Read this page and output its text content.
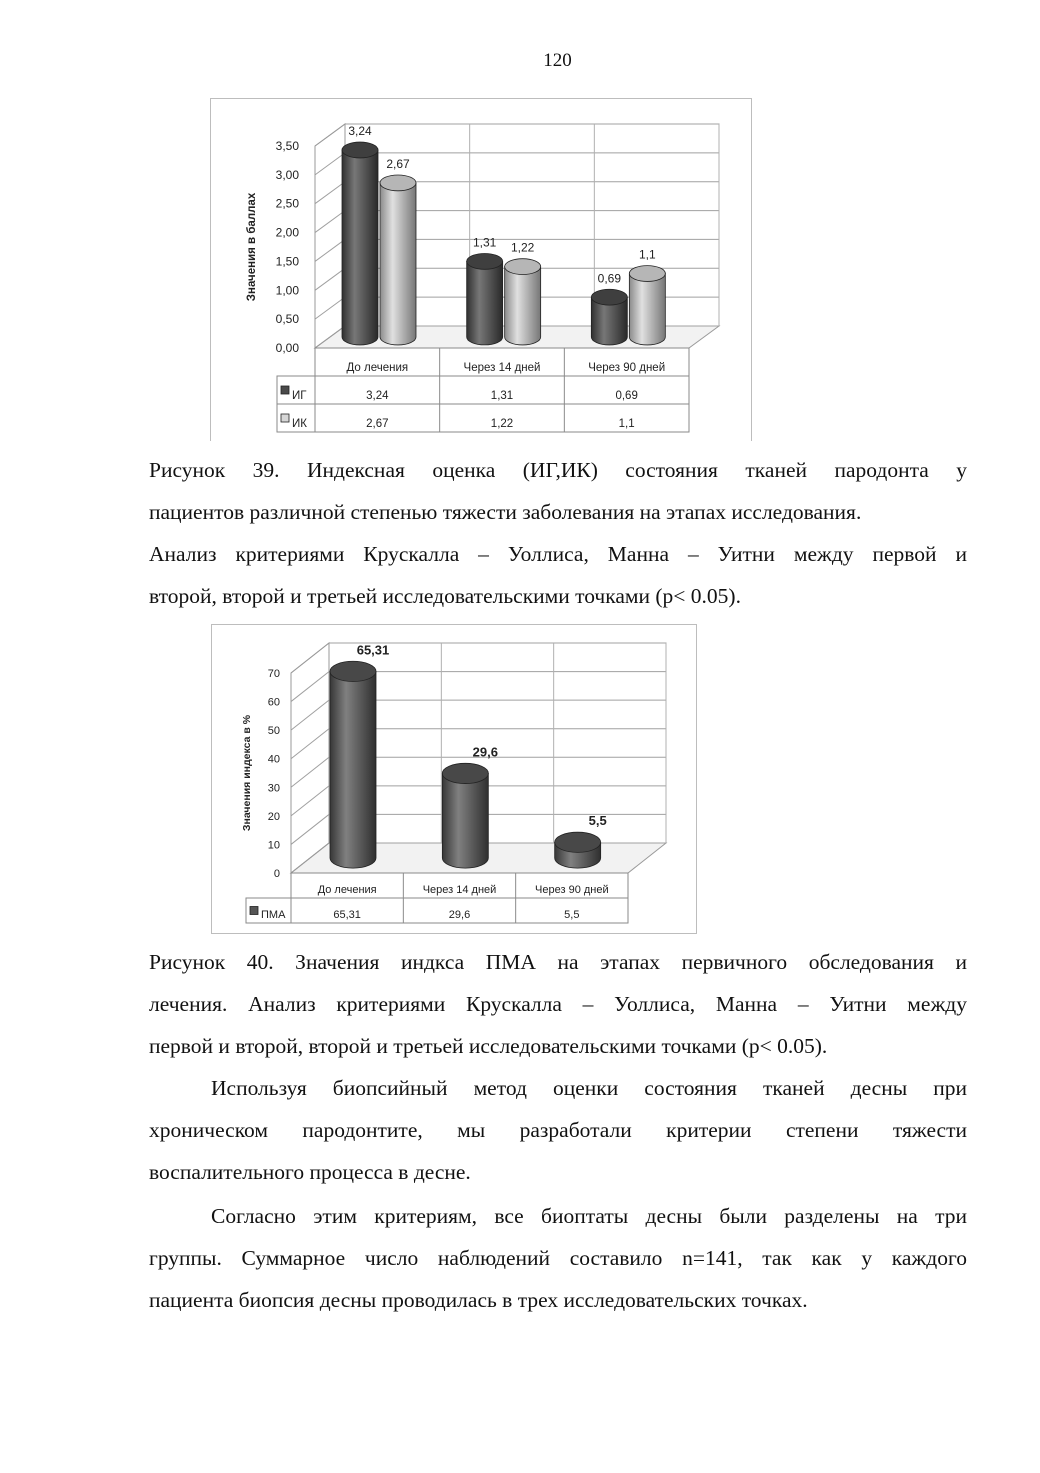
120
0,00
0,50
1,00
1,50
2,00
2,50
3,00
3,50
Значения в баллах
3,24
2,67
1,31 1,22
0,69
1,1
До лечения
3,24
2,67
Через 14 дней
1,31
1,22
Через 90 дней
0,69
1,1
ИГ
ИК
Рисунок 39. Индексная оценка (ИГ,ИК) состояния тканей пародонта у
пациентов различной степенью тяжести заболевания на этапах исследования.
Анализ критериями Крускалла – Уоллиса, Манна – Уитни между первой и
второй, второй и третьей исследовательскими точками (p< 0.05).
0
10
20
30
40
50
60
70
Значения индекса в %
65,31
29,6
5,5
До лечения
65,31
Через 14 дней
29,6
Через 90 дней
5,5
ПМА
Рисунок 40. Значения индкса ПМА на этапах первичного обследования и
лечения. Анализ критериями Крускалла – Уоллиса, Манна – Уитни между
первой и второй, второй и третьей исследовательскими точками (p< 0.05).
Используя биопсийный метод оценки состояния тканей десны при
хроническом пародонтите, мы разработали критерии степени тяжести
воспалительного процесса в десне.
Согласно этим критериям, все биоптаты десны были разделены на три
группы. Суммарное число наблюдений составило n=141, так как у каждого
пациента биопсия десны проводилась в трех исследовательских точках.
